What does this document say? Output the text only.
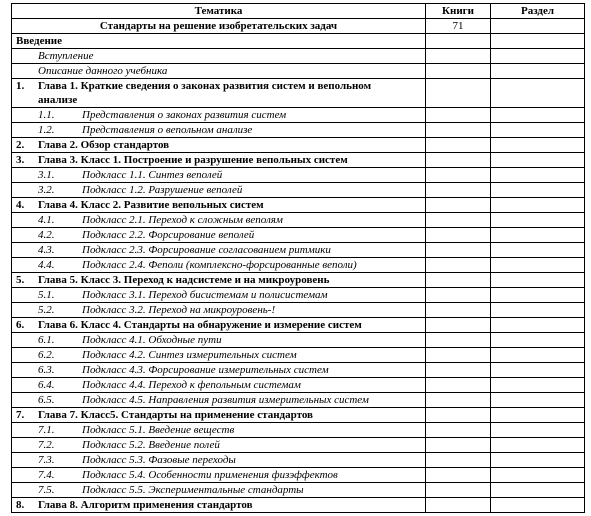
Тематика	Книги	Раздел
Стандарты на решение изобретательских задач	71	
Введение		
Вступление		
Описание данного учебника		
1. Глава 1. Краткие сведения о законах развития систем и вепольном
анализе		

1.1. Представления о законах развития систем		
1.2. Представления о вепольном анализе		
2. Глава 2. Обзор стандартов		
3. Глава 3. Класс 1. Построение и разрушение вепольных систем		
3.1. Подкласс 1.1. Синтез веполей		
3.2. Подкласс 1.2. Разрушение веполей		
4. Глава 4. Класс 2. Развитие вепольных систем		
4.1. Подкласс 2.1. Переход к сложным веполям		
4.2. Подкласс 2.2. Форсирование веполей		
4.3. Подкласс 2.3. Форсирование согласованием ритмики		
4.4. Подкласс 2.4. Феполи (комплексно-форсированные веполи)		
5. Глава 5. Класс 3. Переход к надсистеме и на микроуровень		
5.1. Подкласс 3.1. Переход бисистемам и полисистемам		
5.2. Подкласс 3.2. Переход на микроуровень-!		
6. Глава 6. Класс 4. Стандарты на обнаружение и измерение систем		
6.1. Подкласс 4.1. Обходные пути		
6.2. Подкласс 4.2. Синтез измерительных систем		
6.3. Подкласс 4.3. Форсирование измерительных систем		
6.4. Подкласс 4.4. Переход к фепольным системам		
6.5. Подкласс 4.5. Направления развития измерительных систем		
7. Глава 7. Класс5. Стандарты на применение стандартов		
7.1. Подкласс 5.1. Введение веществ		
7.2. Подкласс 5.2. Введение полей		
7.3. Подкласс 5.3. Фазовые переходы		
7.4. Подкласс 5.4. Особенности применения физэффектов		
7.5. Подкласс 5.5. Экспериментальные стандарты		
8. Глава 8. Алгоритм применения стандартов		
